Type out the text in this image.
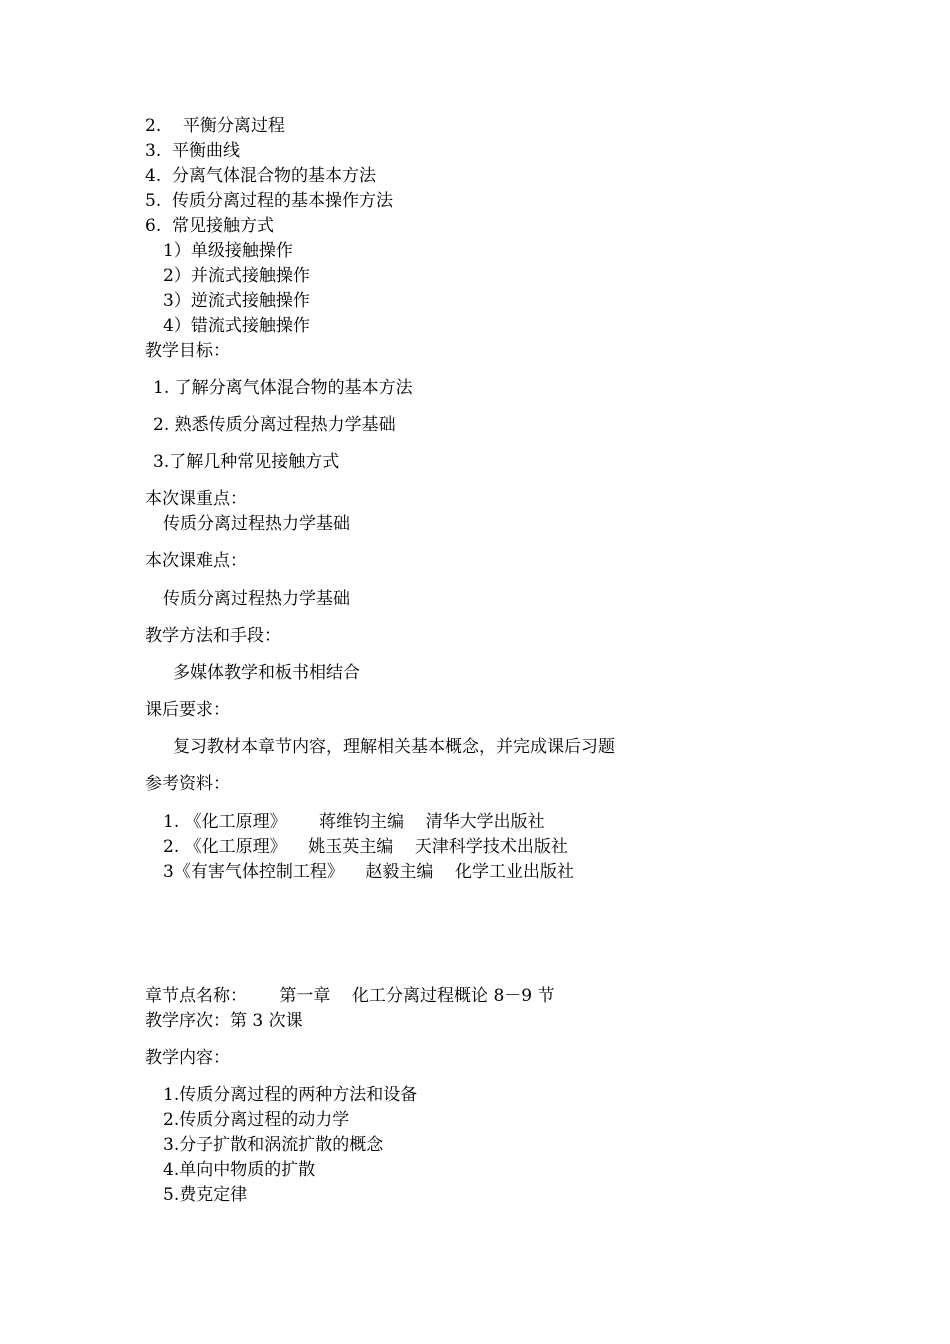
2.    平衡分离过程
3.  平衡曲线
4.  分离气体混合物的基本方法
5.  传质分离过程的基本操作方法
6.  常见接触方式
1）单级接触操作
2）并流式接触操作
3）逆流式接触操作
4）错流式接触操作
教学目标：
1. 了解分离气体混合物的基本方法
2. 熟悉传质分离过程热力学基础
3.了解几种常见接触方式
本次课重点：
传质分离过程热力学基础
本次课难点：
传质分离过程热力学基础
教学方法和手段：
多媒体教学和板书相结合
课后要求：
复习教材本章节内容，理解相关基本概念，并完成课后习题
参考资料：
1. 《化工原理》      蒋维钧主编    清华大学出版社
2. 《化工原理》    姚玉英主编    天津科学技术出版社
3《有害气体控制工程》    赵毅主编    化学工业出版社
章节点名称：      第一章    化工分离过程概论 8－9 节
教学序次：第 3 次课
教学内容：
1.传质分离过程的两种方法和设备
2.传质分离过程的动力学
3.分子扩散和涡流扩散的概念
4.单向中物质的扩散
5.费克定律
